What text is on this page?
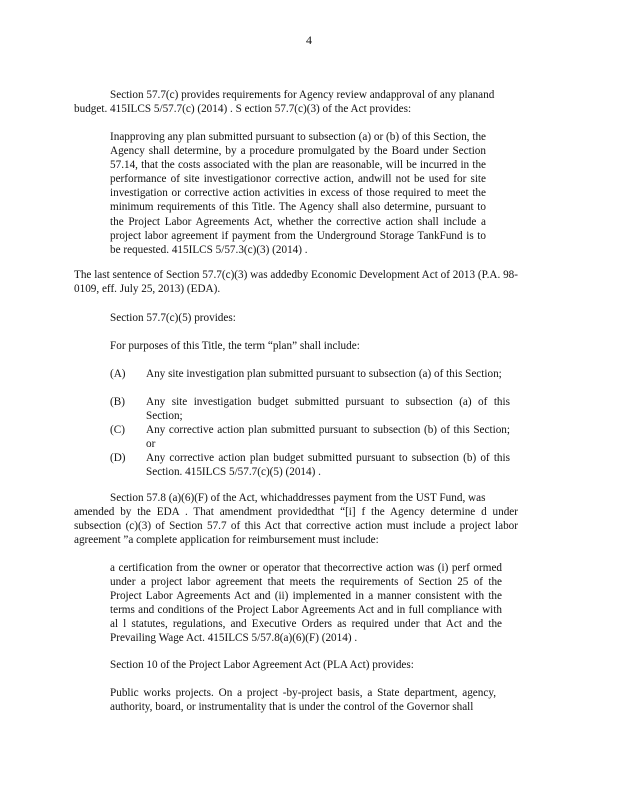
4
Section 57.7(c) provides requirements for Agency review andapproval of any planand
budget. 415ILCS 5/57.7(c) (2014) . S ection 57.7(c)(3) of the Act provides:
Inapproving any plan submitted pursuant to subsection (a) or (b) of this Section, the Agency shall determine, by a procedure promulgated by the Board under Section 57.14, that the costs associated with the plan are reasonable, will be incurred in the performance of site investigationor corrective action, andwill not be used for site investigation or corrective action activities in excess of those required to meet the minimum requirements of this Title. The Agency shall also determine, pursuant to the Project Labor Agreements Act, whether the corrective action shall include a project labor agreement if payment from the Underground Storage TankFund is to be requested. 415ILCS 5/57.3(c)(3) (2014) .
The last sentence of Section 57.7(c)(3) was addedby Economic Development Act of 2013 (P.A. 98-0109, eff. July 25, 2013) (EDA).
Section 57.7(c)(5) provides:
For purposes of this Title, the term “plan” shall include:
(A) Any site investigation plan submitted pursuant to subsection (a) of this Section;
(B) Any site investigation budget submitted pursuant to subsection (a) of this Section;
(C) Any corrective action plan submitted pursuant to subsection (b) of this Section; or
(D) Any corrective action plan budget submitted pursuant to subsection (b) of this Section. 415ILCS 5/57.7(c)(5) (2014) .
Section 57.8 (a)(6)(F) of the Act, whichaddresses payment from the UST Fund, was
amended by the EDA . That amendment providedthat “[i] f the Agency determine d under subsection (c)(3) of Section 57.7 of this Act that corrective action must include a project labor agreement ”a complete application for reimbursement must include:
a certification from the owner or operator that thecorrective action was (i) perf ormed under a project labor agreement that meets the requirements of Section 25 of the Project Labor Agreements Act and (ii) implemented in a manner consistent with the terms and conditions of the Project Labor Agreements Act and in full compliance with al l statutes, regulations, and Executive Orders as required under that Act and the Prevailing Wage Act. 415ILCS 5/57.8(a)(6)(F) (2014) .
Section 10 of the Project Labor Agreement Act (PLA Act) provides:
Public works projects. On a project -by-project basis, a State department, agency, authority, board, or instrumentality that is under the control of the Governor shall
